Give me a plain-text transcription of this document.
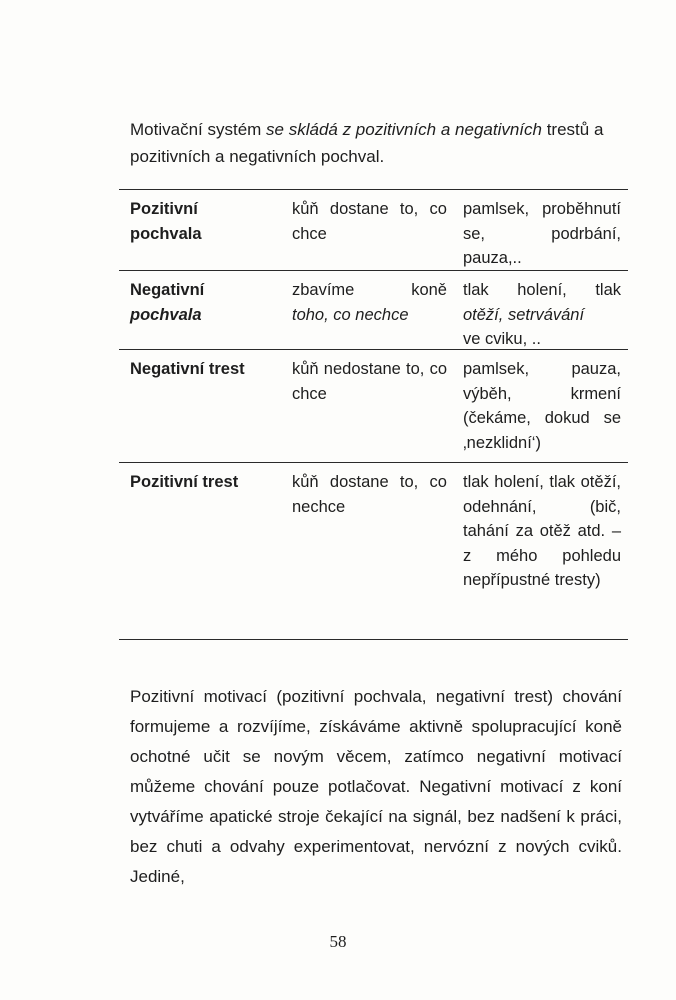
Motivační systém se skládá z pozitivních a negativních trestů a pozitivních a negativních pochval.

Pozitivní
pochvala
kůň dostane to, co chce
pamlsek, proběhnutí se, podrbání, pauza,..
Negativní
pochvala
zbavíme koně
toho, co nechce
tlak holení, tlak
otěží, setrvávání
ve cviku, ..
Negativní trest	kůň nedostane to, co chce
pamlsek, pauza, výběh, krmení (čekáme, dokud se ‚nezklidní‘)
Pozitivní trest	kůň dostane to, co nechce
tlak holení, tlak otěží, odehnání, (bič, tahání za otěž atd. – z mého pohledu nepřípustné tresty)

Pozitivní motivací (pozitivní pochvala, negativní trest) chování formujeme a rozvíjíme, získáváme aktivně spolupracující koně ochotné učit se novým věcem, zatímco negativní motivací můžeme chování pouze potlačovat. Negativní motivací z koní vytváříme apatické stroje čekající na signál, bez nadšení k práci, bez chuti a odvahy experimentovat, nervózní z nových cviků. Jediné,

58
